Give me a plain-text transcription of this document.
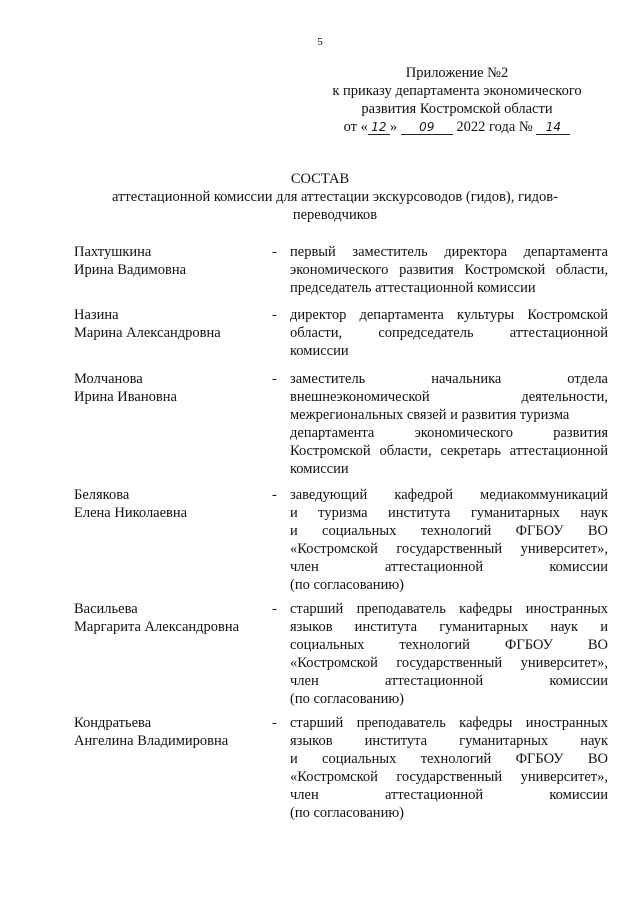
5
Приложение №2
к приказу департамента экономического
развития Костромской области
от « 12 » 09 2022 года № 14
СОСТАВ
аттестационной комиссии для аттестации экскурсоводов (гидов), гидов-переводчиков
Пахтушкина
Ирина Вадимовна
- первый заместитель директора департамента
экономического развития Костромской области,
председатель аттестационной комиссии
Назина
Марина Александровна
- директор департамента культуры Костромской
области, сопредседатель аттестационной
комиссии
Молчанова
Ирина Ивановна
- заместитель начальника отдела
внешнеэкономической деятельности,
межрегиональных связей и развития туризма
департамента экономического развития
Костромской области, секретарь аттестационной
комиссии
Белякова
Елена Николаевна
- заведующий кафедрой медиакоммуникаций
и туризма института гуманитарных наук
и социальных технологий ФГБОУ ВО
«Костромской государственный университет»,
член аттестационной комиссии
(по согласованию)
Васильева
Маргарита Александровна
- старший преподаватель кафедры иностранных
языков института гуманитарных наук и
социальных технологий ФГБОУ ВО
«Костромской государственный университет»,
член аттестационной комиссии
(по согласованию)
Кондратьева
Ангелина Владимировна
- старший преподаватель кафедры иностранных
языков института гуманитарных наук
и социальных технологий ФГБОУ ВО
«Костромской государственный университет»,
член аттестационной комиссии
(по согласованию)
